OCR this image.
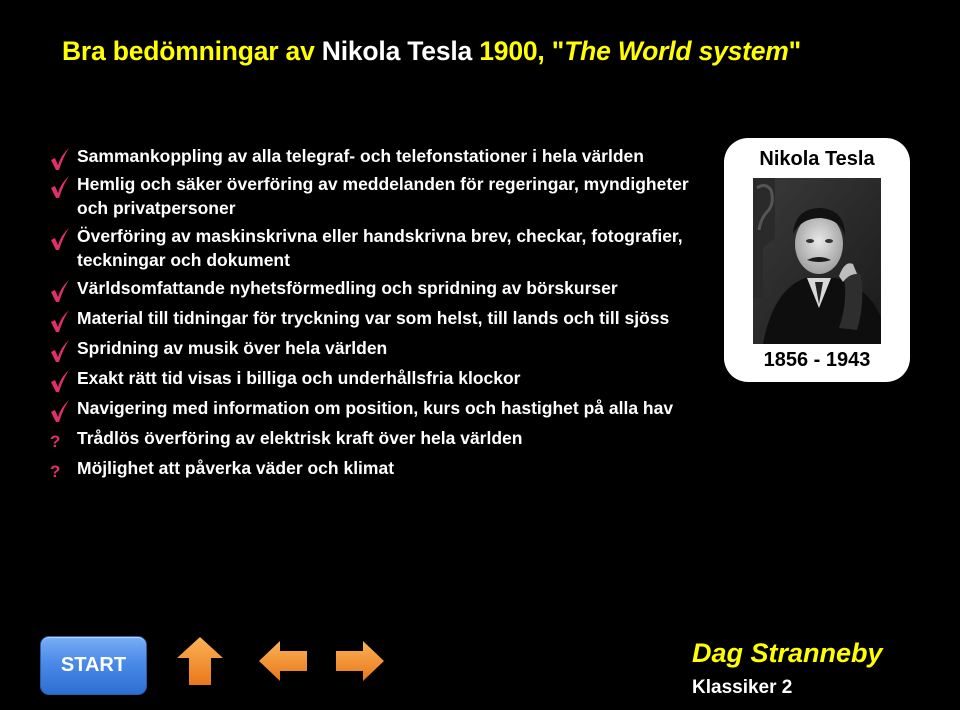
Bra bedömningar av Nikola Tesla 1900, "The World system"
Sammankoppling av alla telegraf- och telefonstationer i hela världen
Hemlig och säker överföring av meddelanden för regeringar, myndigheter och privatpersoner
Överföring av maskinskrivna eller handskrivna brev, checkar, fotografier, teckningar och dokument
Världsomfattande nyhetsförmedling och spridning av börskurser
Material till tidningar för tryckning var som helst, till lands och till sjöss
Spridning av musik över hela världen
Exakt rätt tid visas i billiga och underhållsfria klockor
Navigering med information om position, kurs och hastighet på alla hav
? Trådlös överföring av elektrisk kraft över hela världen
? Möjlighet att påverka väder och klimat
Nikola Tesla
1856 - 1943
START	Dag Stranneby
Klassiker 2
